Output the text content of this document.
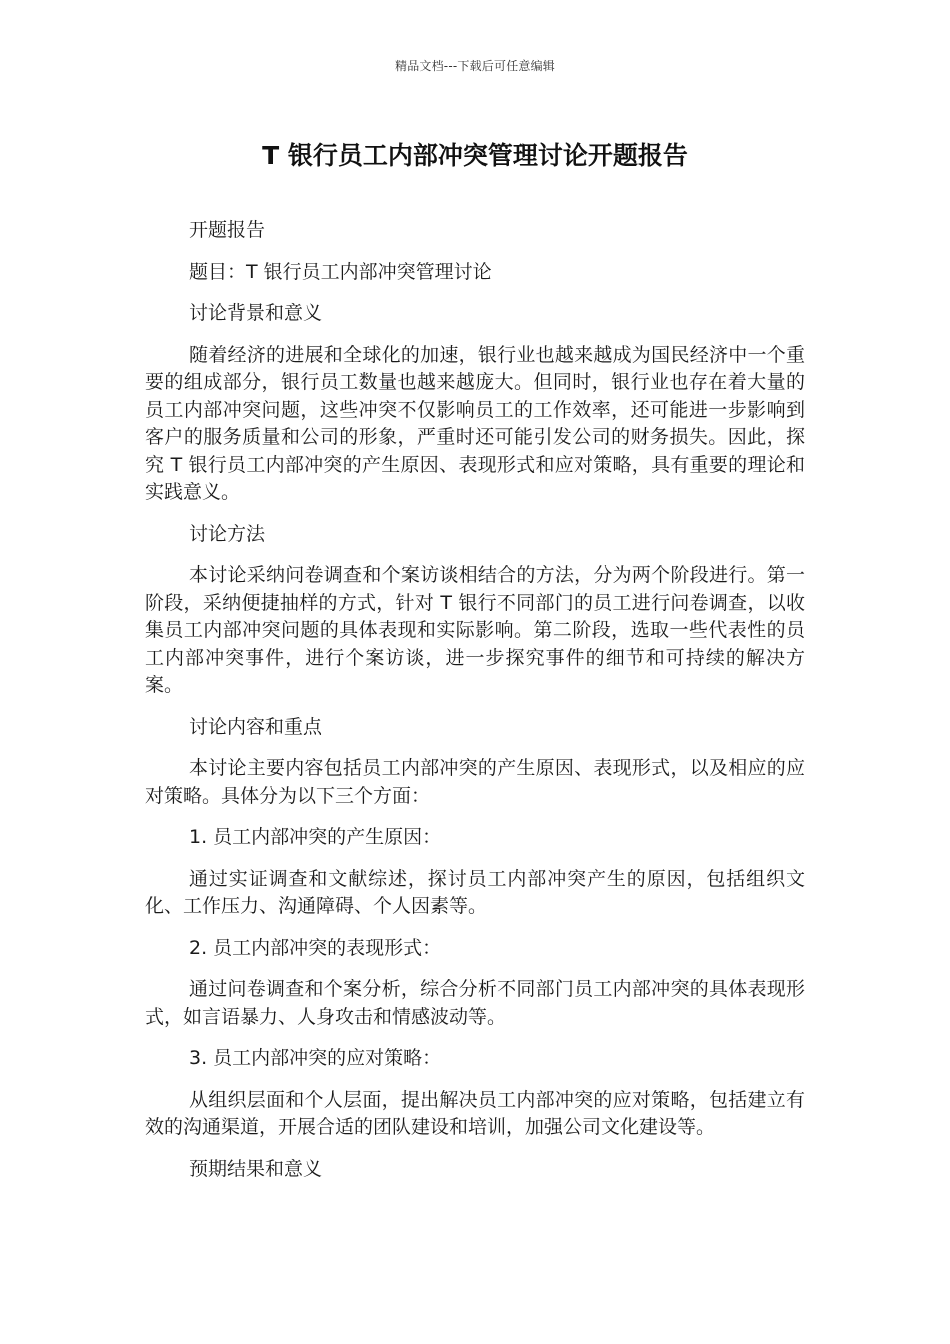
精品文档---下载后可任意编辑
T 银行员工内部冲突管理讨论开题报告

开题报告

题目：T 银行员工内部冲突管理讨论

讨论背景和意义

随着经济的进展和全球化的加速，银行业也越来越成为国民经济中一个重要的组成部分，银行员工数量也越来越庞大。但同时，银行业也存在着大量的员工内部冲突问题，这些冲突不仅影响员工的工作效率，还可能进一步影响到客户的服务质量和公司的形象，严重时还可能引发公司的财务损失。因此，探究 T 银行员工内部冲突的产生原因、表现形式和应对策略，具有重要的理论和实践意义。

讨论方法

本讨论采纳问卷调查和个案访谈相结合的方法，分为两个阶段进行。第一阶段，采纳便捷抽样的方式，针对 T 银行不同部门的员工进行问卷调查，以收集员工内部冲突问题的具体表现和实际影响。第二阶段，选取一些代表性的员工内部冲突事件，进行个案访谈，进一步探究事件的细节和可持续的解决方案。

讨论内容和重点

本讨论主要内容包括员工内部冲突的产生原因、表现形式，以及相应的应对策略。具体分为以下三个方面：

1. 员工内部冲突的产生原因：

通过实证调查和文献综述，探讨员工内部冲突产生的原因，包括组织文化、工作压力、沟通障碍、个人因素等。

2. 员工内部冲突的表现形式：

通过问卷调查和个案分析，综合分析不同部门员工内部冲突的具体表现形式，如言语暴力、人身攻击和情感波动等。

3. 员工内部冲突的应对策略：

从组织层面和个人层面，提出解决员工内部冲突的应对策略，包括建立有效的沟通渠道，开展合适的团队建设和培训，加强公司文化建设等。

预期结果和意义
